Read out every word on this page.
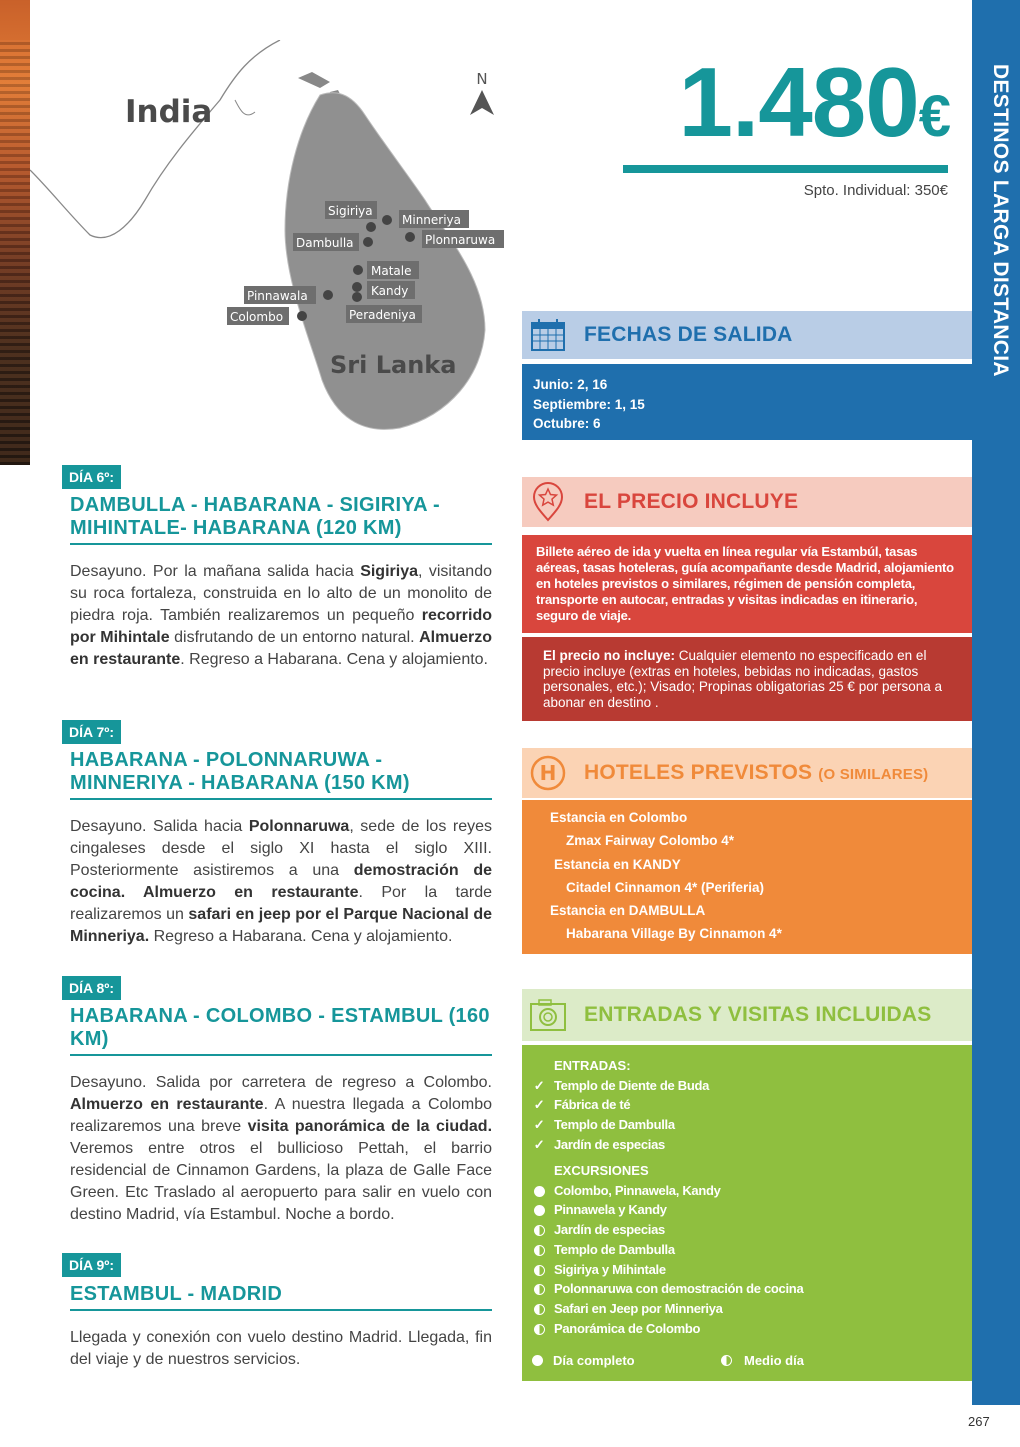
DESTINOS LARGA DISTANCIA
267
N
India
Sri Lanka
Sigiriya
Minneriya
Dambulla	Plonnaruwa
Matale
Pinnawala	Kandy
Colombo	Peradeniya
1.480€
Spto. Individual: 350€
FECHAS DE SALIDA
Junio: 2, 16
Septiembre: 1, 15
Octubre: 6
EL PRECIO INCLUYE
Billete aéreo de ida y vuelta en línea regular vía Estambúl, tasas aéreas, tasas hoteleras, guía acompañante desde Madrid, alojamiento en hoteles previstos o similares, régimen de pensión completa, transporte en autocar, entradas y visitas indicadas en itinerario, seguro de viaje.
El precio no incluye: Cualquier elemento no especificado en el precio incluye (extras en hoteles, bebidas no indicadas, gastos personales, etc.); Visado; Propinas obligatorias 25 € por persona a abonar en destino .
H HOTELES PREVISTOS (O SIMILARES)
Estancia en Colombo
Zmax Fairway Colombo 4*
Estancia en KANDY
Citadel Cinnamon 4* (Periferia)
Estancia en DAMBULLA
Habarana Village By Cinnamon 4*
ENTRADAS Y VISITAS INCLUIDAS
ENTRADAS:
✓ Templo de Diente de Buda
✓ Fábrica de té
✓ Templo de Dambulla
✓ Jardín de especias
EXCURSIONES
Colombo, Pinnawela, Kandy
Pinnawela y Kandy
Jardín de especias
Templo de Dambulla
Sigiriya y Mihintale
Polonnaruwa con demostración de cocina
Safari en Jeep por Minneriya
Panorámica de Colombo
Día completo	Medio día
DÍA 6º:
DAMBULLA - HABARANA - SIGIRIYA - MIHINTALE- HABARANA (120 KM)
Desayuno. Por la mañana salida hacia Sigiriya, visitando su roca fortaleza, construida en lo alto de un monolito de piedra roja. También realizaremos un pequeño recorrido por Mihintale disfrutando de un entorno natural. Almuerzo en restaurante. Regreso a Habarana. Cena y alojamiento.
DÍA 7º:
HABARANA - POLONNARUWA - MINNERIYA - HABARANA (150 KM)
Desayuno. Salida hacia Polonnaruwa, sede de los reyes cingaleses desde el siglo XI hasta el siglo XIII. Posteriormente asistiremos a una demostración de cocina. Almuerzo en restaurante. Por la tarde realizaremos un safari en jeep por el Parque Nacional de Minneriya. Regreso a Habarana. Cena y alojamiento.
DÍA 8º:
HABARANA - COLOMBO - ESTAMBUL (160 KM)
Desayuno. Salida por carretera de regreso a Colombo. Almuerzo en restaurante. A nuestra llegada a Colombo realizaremos una breve visita panorámica de la ciudad. Veremos entre otros el bullicioso Pettah, el barrio residencial de Cinnamon Gardens, la plaza de Galle Face Green. Etc Traslado al aeropuerto para salir en vuelo con destino Madrid, vía Estambul. Noche a bordo.
DÍA 9º:
ESTAMBUL - MADRID
Llegada y conexión con vuelo destino Madrid. Llegada, fin del viaje y de nuestros servicios.
